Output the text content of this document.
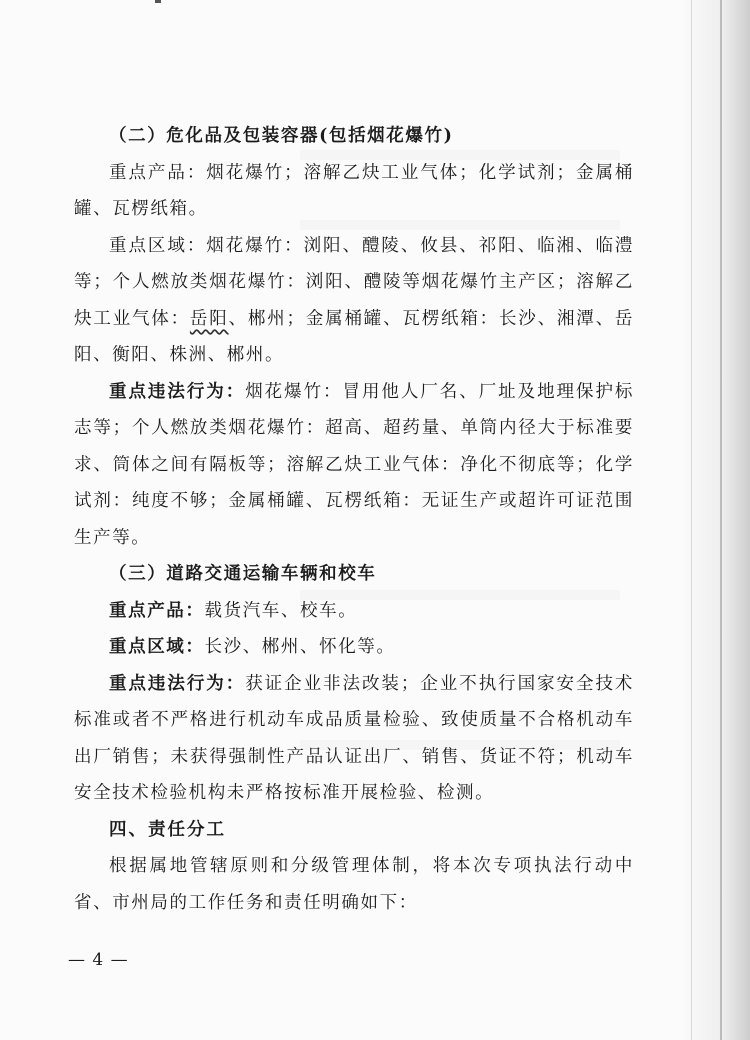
（二）危化品及包装容器(包括烟花爆竹)

重点产品：烟花爆竹；溶解乙炔工业气体；化学试剂；金属桶罐、瓦楞纸箱。

重点区域：烟花爆竹：浏阳、醴陵、攸县、祁阳、临湘、临澧等；个人燃放类烟花爆竹：浏阳、醴陵等烟花爆竹主产区；溶解乙炔工业气体：岳阳、郴州；金属桶罐、瓦楞纸箱：长沙、湘潭、岳阳、衡阳、株洲、郴州。

重点违法行为：烟花爆竹：冒用他人厂名、厂址及地理保护标志等；个人燃放类烟花爆竹：超高、超药量、单筒内径大于标准要求、筒体之间有隔板等；溶解乙炔工业气体：净化不彻底等；化学试剂：纯度不够；金属桶罐、瓦楞纸箱：无证生产或超许可证范围生产等。

（三）道路交通运输车辆和校车

重点产品：载货汽车、校车。

重点区域：长沙、郴州、怀化等。

重点违法行为：获证企业非法改装；企业不执行国家安全技术标准或者不严格进行机动车成品质量检验、致使质量不合格机动车出厂销售；未获得强制性产品认证出厂、销售、货证不符；机动车安全技术检验机构未严格按标准开展检验、检测。

四、责任分工

根据属地管辖原则和分级管理体制，将本次专项执法行动中省、市州局的工作任务和责任明确如下：

— 4 —
